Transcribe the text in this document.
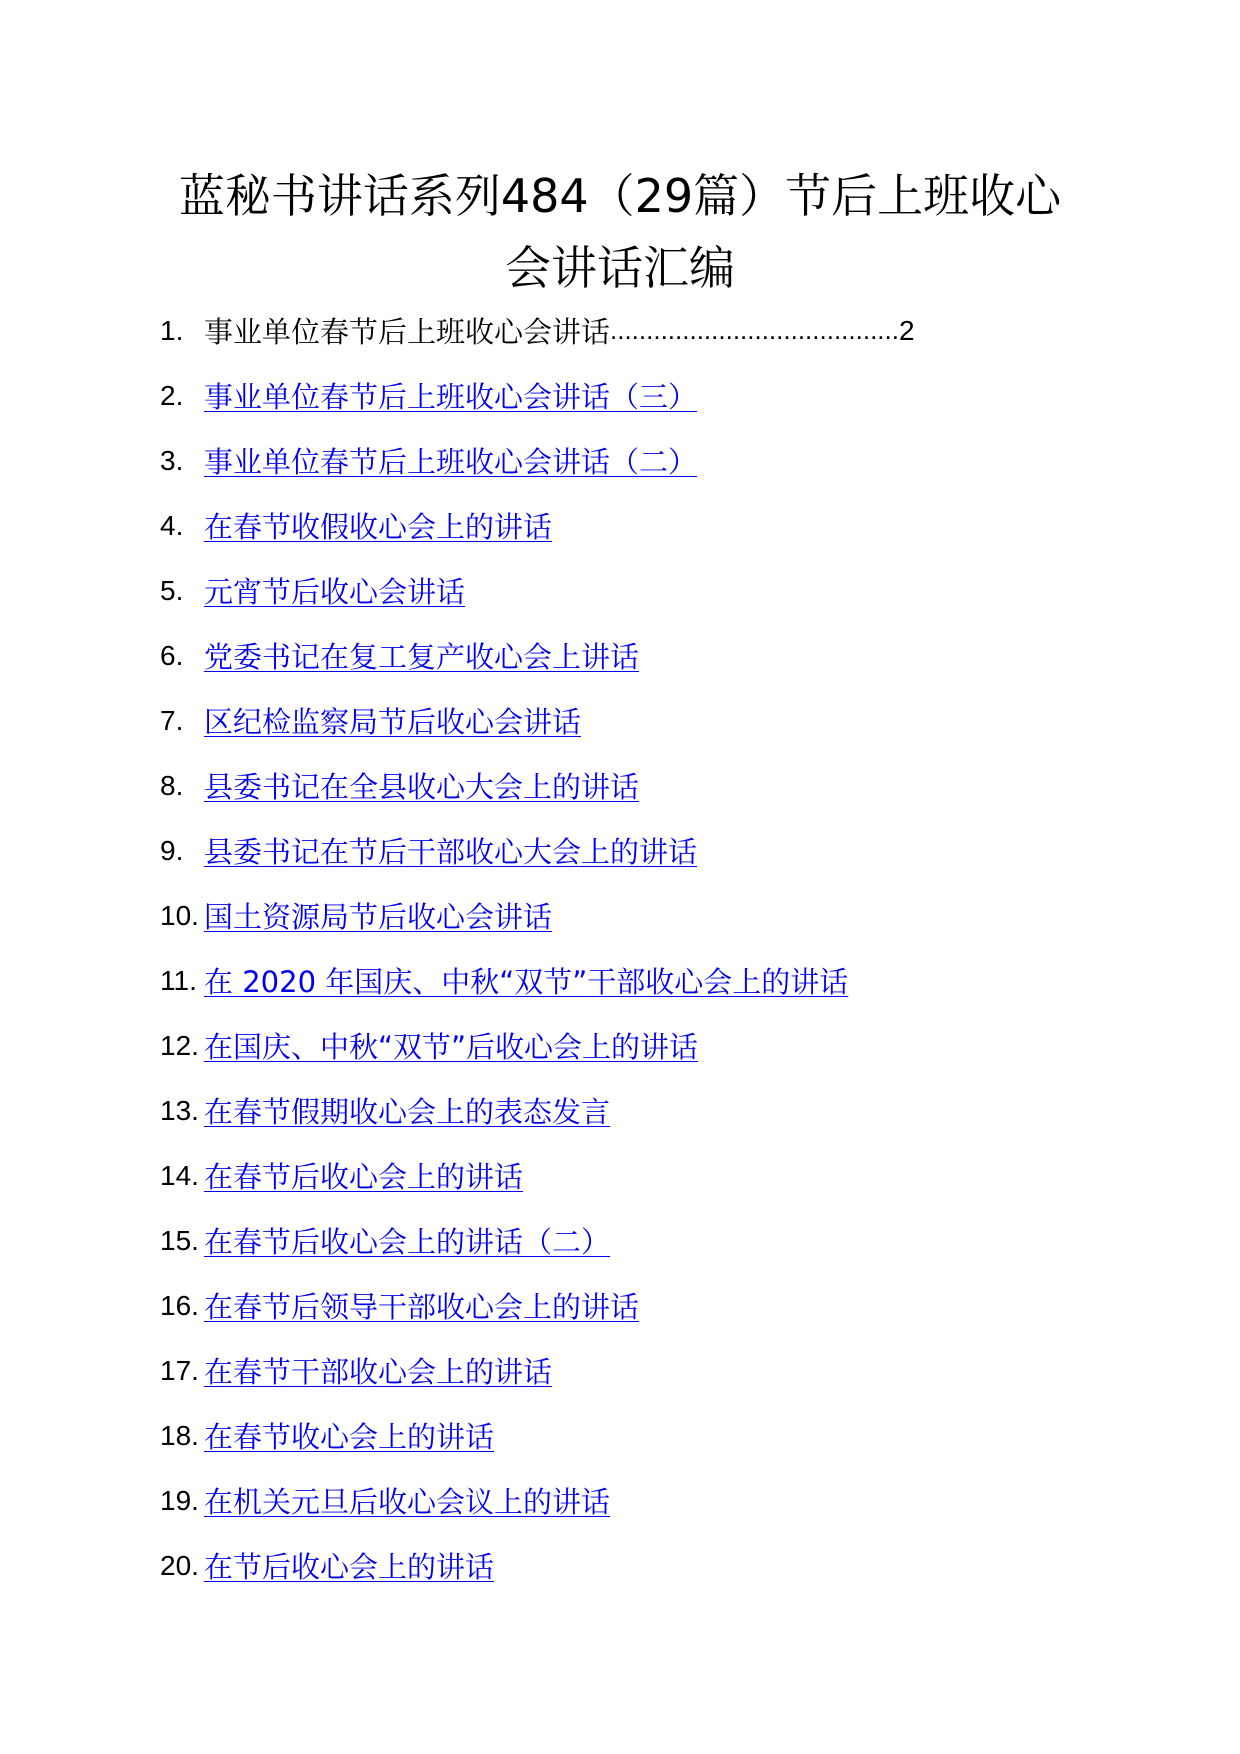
蓝秘书讲话系列484（29篇）节后上班收心
会讲话汇编
1. 事业单位春节后上班收心会讲话 ........................................ 2
2. 事业单位春节后上班收心会讲话（三）
3. 事业单位春节后上班收心会讲话（二）
4. 在春节收假收心会上的讲话
5. 元宵节后收心会讲话
6. 党委书记在复工复产收心会上讲话
7. 区纪检监察局节后收心会讲话
8. 县委书记在全县收心大会上的讲话
9. 县委书记在节后干部收心大会上的讲话
10. 国土资源局节后收心会讲话
11. 在 2020 年国庆、中秋“双节”干部收心会上的讲话
12. 在国庆、中秋“双节”后收心会上的讲话
13. 在春节假期收心会上的表态发言
14. 在春节后收心会上的讲话
15. 在春节后收心会上的讲话（二）
16. 在春节后领导干部收心会上的讲话
17. 在春节干部收心会上的讲话
18. 在春节收心会上的讲话
19. 在机关元旦后收心会议上的讲话
20. 在节后收心会上的讲话
